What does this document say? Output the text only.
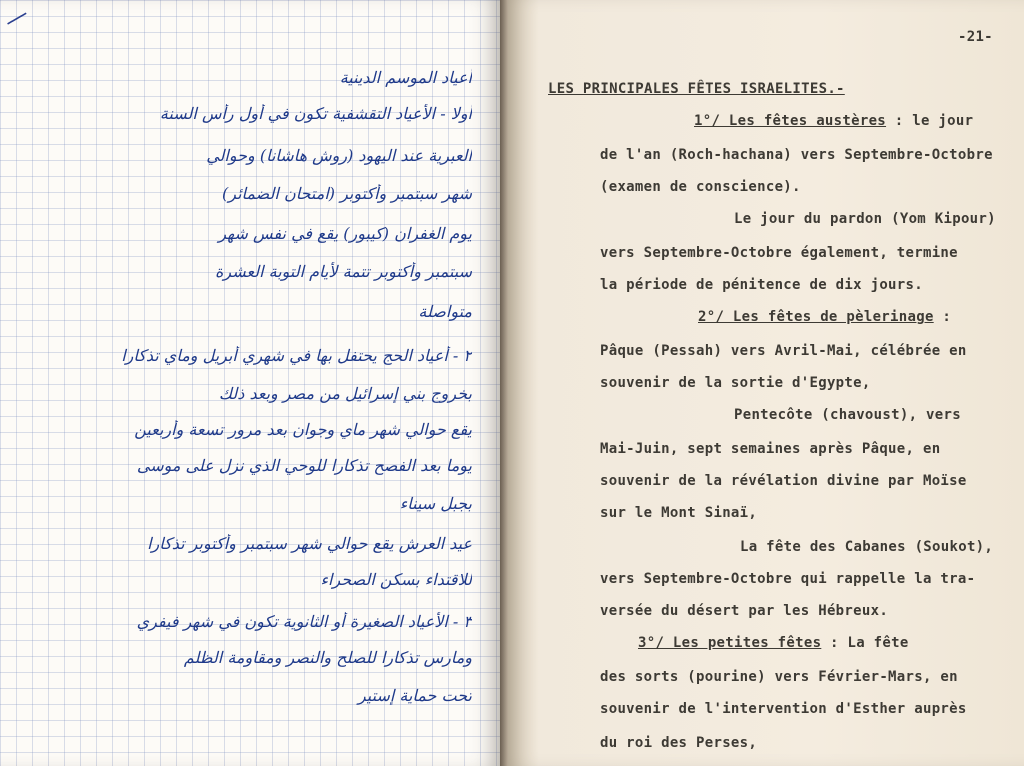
ــــ
أعياد الموسم الدينية
أولا - الأعياد التقشفية تكون في أول رأس السنة
العبرية عند اليهود (روش هاشانا) وحوالي
شهر سبتمبر وأكتوبر (امتحان الضمائر)
يوم الغفران (كيبور) يقع في نفس شهر
سبتمبر وأكتوبر تتمة لأيام التوبة العشرة
متواصلة
٢ - أعياد الحج يحتفل بها في شهري أبريل وماي تذكارا
بخروج بني إسرائيل من مصر وبعد ذلك
يقع حوالي شهر ماي وجوان بعد مرور تسعة وأربعين
يوما بعد الفصح تذكارا للوحي الذي نزل على موسى
بجبل سيناء
عيد العرش يقع حوالي شهر سبتمبر وأكتوبر تذكارا
للاقتداء بسكن الصحراء
٣ - الأعياد الصغيرة أو الثانوية تكون في شهر فيفري
ومارس تذكارا للصلح والنصر ومقاومة الظلم
تحت حماية إستير
-21-
LES PRINCIPALES FÊTES ISRAELITES.-
1°/ Les fêtes austères : le jour
de l'an (Roch-hachana) vers Septembre-Octobre
(examen de conscience).
Le jour du pardon (Yom Kipour)
vers Septembre-Octobre également, termine
la période de pénitence de dix jours.
2°/ Les fêtes de pèlerinage :
Pâque (Pessah) vers Avril-Mai, célébrée en
souvenir de la sortie d'Egypte,
Pentecôte (chavoust), vers
Mai-Juin, sept semaines après Pâque, en
souvenir de la révélation divine par Moïse
sur le Mont Sinaï,
La fête des Cabanes (Soukot),
vers Septembre-Octobre qui rappelle la tra-
versée du désert par les Hébreux.
3°/ Les petites fêtes : La fête
des sorts (pourine) vers Février-Mars, en
souvenir de l'intervention d'Esther auprès
du roi des Perses,
